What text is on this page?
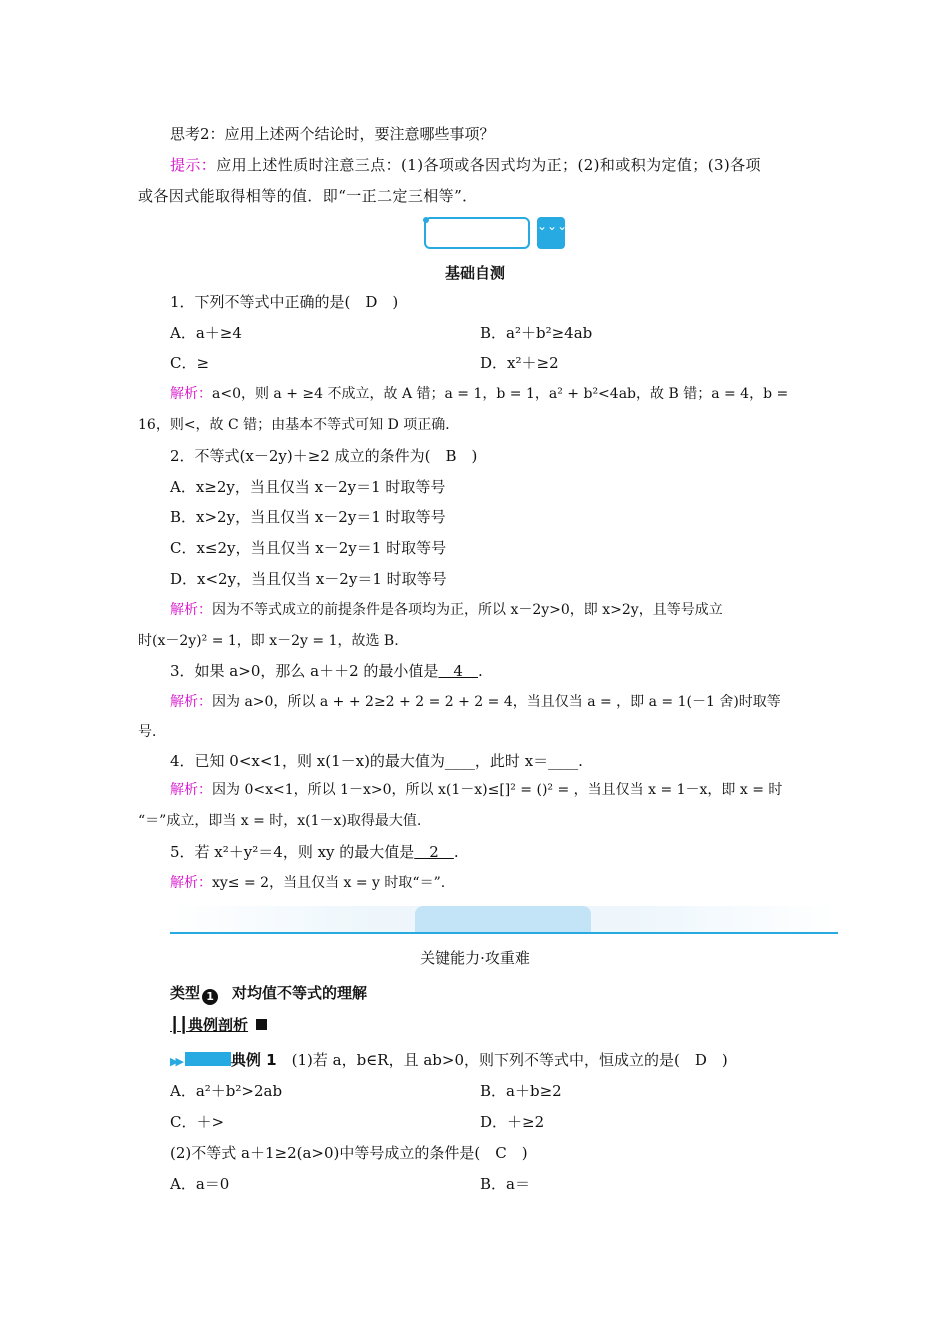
思考2：应用上述两个结论时，要注意哪些事项？
提示：应用上述性质时注意三点：(1)各项或各因式均为正；(2)和或积为定值；(3)各项
或各因式能取得相等的值．即“一正二定三相等”．
⌄⌄⌄
基础自测
1．下列不等式中正确的是(　D　)
A．a＋≥4	B．a²＋b²≥4ab
C．≥	D．x²＋≥2
解析：a<0，则 a + ≥4 不成立，故 A 错；a = 1，b = 1，a² + b²<4ab，故 B 错；a = 4，b =
16，则<，故 C 错；由基本不等式可知 D 项正确．
2．不等式(x－2y)＋≥2 成立的条件为(　B　)
A．x≥2y，当且仅当 x－2y＝1 时取等号
B．x>2y，当且仅当 x－2y＝1 时取等号
C．x≤2y，当且仅当 x－2y＝1 时取等号
D．x<2y，当且仅当 x－2y＝1 时取等号
解析：因为不等式成立的前提条件是各项均为正，所以 x－2y>0，即 x>2y，且等号成立
时(x－2y)² = 1，即 x－2y = 1，故选 B.
3．如果 a>0，那么 a＋＋2 的最小值是　4　.
解析：因为 a>0，所以 a + + 2≥2 + 2 = 2 + 2 = 4，当且仅当 a = ，即 a = 1(－1 舍)时取等
号．
4．已知 0<x<1，则 x(1－x)的最大值为____，此时 x＝____.
解析：因为 0<x<1，所以 1－x>0，所以 x(1－x)≤[]² = ()² = ，当且仅当 x = 1－x，即 x = 时
“＝”成立，即当 x = 时，x(1－x)取得最大值.
5．若 x²＋y²＝4，则 xy 的最大值是　2　.
解析：xy≤ = 2，当且仅当 x = y 时取“＝”.
关键能力·攻重难
类型 1 对均值不等式的理解
┃┃典例剖析
▶▶	典例 1　 (1)若 a，b∈R，且 ab>0，则下列不等式中，恒成立的是(　D　)
A．a²＋b²>2ab	B．a＋b≥2
C．＋>	D．＋≥2
(2)不等式 a＋1≥2(a>0)中等号成立的条件是(　C　)
A．a＝0	B．a＝
